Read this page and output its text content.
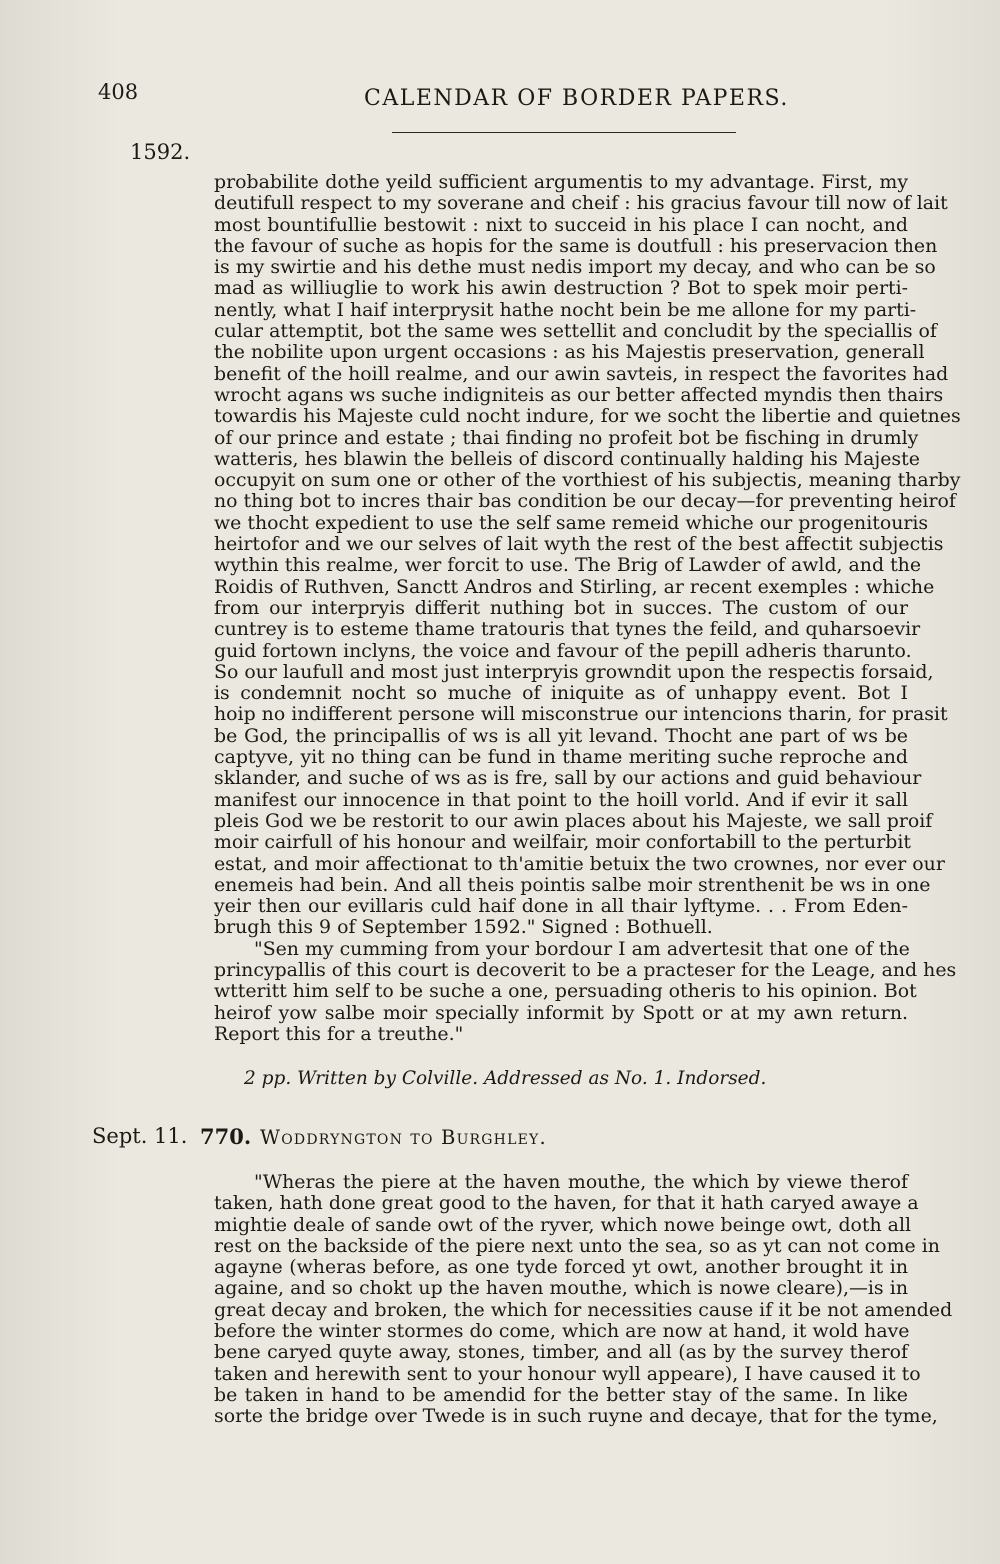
408	CALENDAR OF BORDER PAPERS.
1592.
probabilite dothe yeild sufficient argumentis to my advantage. First, my
deutifull respect to my soverane and cheif : his gracius favour till now of lait
most bountifullie bestowit : nixt to succeid in his place I can nocht, and
the favour of suche as hopis for the same is doutfull : his preservacion then
is my swirtie and his dethe must nedis import my decay, and who can be so
mad as williuglie to work his awin destruction ? Bot to spek moir perti-
nently, what I haif interprysit hathe nocht bein be me allone for my parti-
cular attemptit, bot the same wes settellit and concludit by the speciallis of
the nobilite upon urgent occasions : as his Majestis preservation, generall
benefit of the hoill realme, and our awin savteis, in respect the favorites had
wrocht agans ws suche indigniteis as our better affected myndis then thairs
towardis his Majeste culd nocht indure, for we socht the libertie and quietnes
of our prince and estate ; thai finding no profeit bot be fisching in drumly
watteris, hes blawin the belleis of discord continually halding his Majeste
occupyit on sum one or other of the vorthiest of his subjectis, meaning tharby
no thing bot to incres thair bas condition be our decay—for preventing heirof
we thocht expedient to use the self same remeid whiche our progenitouris
heirtofor and we our selves of lait wyth the rest of the best affectit subjectis
wythin this realme, wer forcit to use. The Brig of Lawder of awld, and the
Roidis of Ruthven, Sanctt Andros and Stirling, ar recent exemples : whiche
from our interpryis differit nuthing bot in succes. The custom of our
cuntrey is to esteme thame tratouris that tynes the feild, and quharsoevir
guid fortown inclyns, the voice and favour of the pepill adheris tharunto.
So our laufull and most just interpryis growndit upon the respectis forsaid,
is condemnit nocht so muche of iniquite as of unhappy event. Bot I
hoip no indifferent persone will misconstrue our intencions tharin, for prasit
be God, the principallis of ws is all yit levand. Thocht ane part of ws be
captyve, yit no thing can be fund in thame meriting suche reproche and
sklander, and suche of ws as is fre, sall by our actions and guid behaviour
manifest our innocence in that point to the hoill vorld. And if evir it sall
pleis God we be restorit to our awin places about his Majeste, we sall proif
moir cairfull of his honour and weilfair, moir confortabill to the perturbit
estat, and moir affectionat to th'amitie betuix the two crownes, nor ever our
enemeis had bein. And all theis pointis salbe moir strenthenit be ws in one
yeir then our evillaris culd haif done in all thair lyftyme. . . From Eden-
brugh this 9 of September 1592." Signed : Bothuell.
"Sen my cumming from your bordour I am advertesit that one of the
princypallis of this court is decoverit to be a practeser for the Leage, and hes
wtteritt him self to be suche a one, persuading otheris to his opinion. Bot
heirof yow salbe moir specially informit by Spott or at my awn return.
Report this for a treuthe."
2 pp. Written by Colville. Addressed as No. 1. Indorsed.
Sept. 11. 770. Woddryngton to Burghley.
"Wheras the piere at the haven mouthe, the which by viewe therof
taken, hath done great good to the haven, for that it hath caryed awaye a
mightie deale of sande owt of the ryver, which nowe beinge owt, doth all
rest on the backside of the piere next unto the sea, so as yt can not come in
agayne (wheras before, as one tyde forced yt owt, another brought it in
againe, and so chokt up the haven mouthe, which is nowe cleare),—is in
great decay and broken, the which for necessities cause if it be not amended
before the winter stormes do come, which are now at hand, it wold have
bene caryed quyte away, stones, timber, and all (as by the survey therof
taken and herewith sent to your honour wyll appeare), I have caused it to
be taken in hand to be amendid for the better stay of the same. In like
sorte the bridge over Twede is in such ruyne and decaye, that for the tyme,
